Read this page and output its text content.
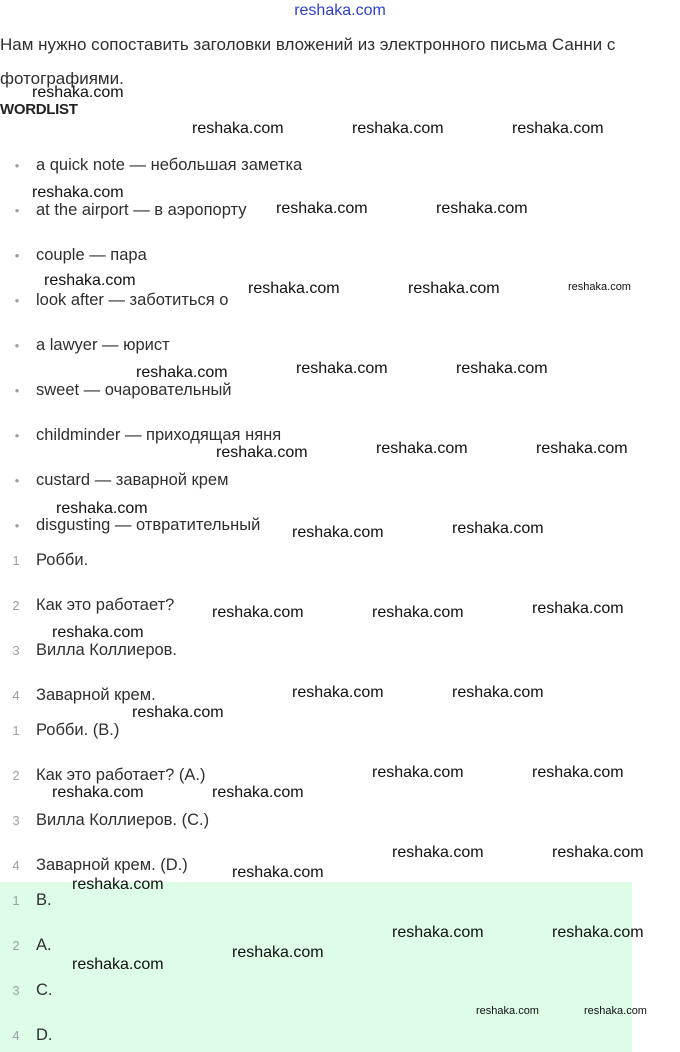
reshaka.com
Нам нужно сопоставить заголовки вложений из электронного письма Санни с фотографиями.
WORDLIST
•
a quick note — небольшая заметка
•
at the airport — в аэропорту
•
couple — пара
•
look after — заботиться о
•
a lawyer — юрист
•
sweet — очаровательный
•
childminder — приходящая няня
•
custard — заварной крем
•
disgusting — отвратительный
1 Робби.
2 Как это работает?
3 Вилла Коллиеров.
4 Заварной крем.
1 Робби. (B.)
2 Как это работает? (A.)
3 Вилла Коллиеров. (C.)
4 Заварной крем. (D.)
1 B.
2 A.
3 C.
4 D.
reshaka.com
reshaka.com	reshaka.com	reshaka.com
reshaka.com
reshaka.com	reshaka.com
reshaka.com	reshaka.com	reshaka.com	reshaka.com
reshaka.com	reshaka.com	reshaka.com
reshaka.com	reshaka.com	reshaka.com
reshaka.com
reshaka.com	reshaka.com
reshaka.com	reshaka.com	reshaka.com
reshaka.com
reshaka.com	reshaka.com
reshaka.com
reshaka.com	reshaka.com
reshaka.com	reshaka.com
reshaka.com	reshaka.com
reshaka.com
reshaka.com
reshaka.com	reshaka.com
reshaka.com
reshaka.com
reshaka.com	reshaka.com
